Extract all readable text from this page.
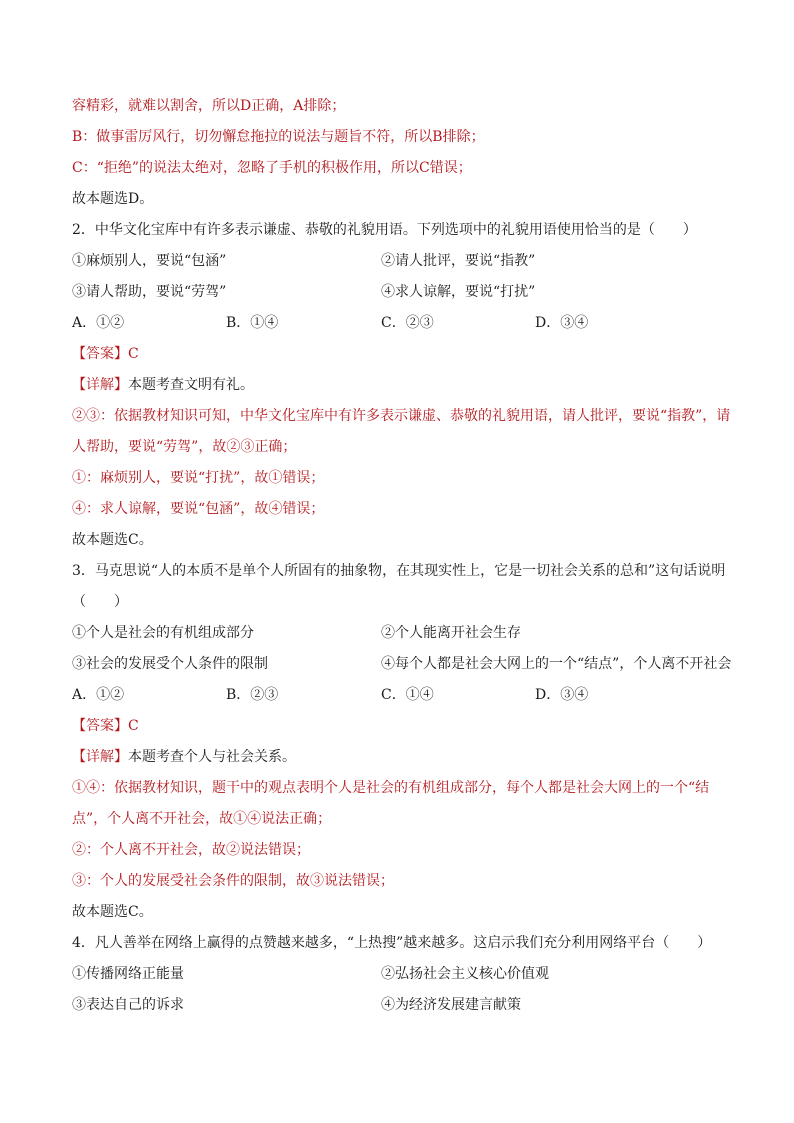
容精彩，就难以割舍，所以D正确，A排除；
B：做事雷厉风行，切勿懈怠拖拉的说法与题旨不符，所以B排除；
C：“拒绝”的说法太绝对，忽略了手机的积极作用，所以C错误；
故本题选D。
2．中华文化宝库中有许多表示谦虚、恭敬的礼貌用语。下列选项中的礼貌用语使用恰当的是（　　）
①麻烦别人，要说“包涵”	②请人批评，要说“指教”
③请人帮助，要说“劳驾”	④求人谅解，要说“打扰”
A．①②	B．①④	C．②③	D．③④
【答案】C
【详解】本题考查文明有礼。
②③：依据教材知识可知，中华文化宝库中有许多表示谦虚、恭敬的礼貌用语，请人批评，要说“指教”，请
人帮助，要说“劳驾”，故②③正确；
①：麻烦别人，要说“打扰”，故①错误；
④：求人谅解，要说“包涵”，故④错误；
故本题选C。
3．马克思说“人的本质不是单个人所固有的抽象物，在其现实性上，它是一切社会关系的总和”这句话说明
（　　）
①个人是社会的有机组成部分	②个人能离开社会生存
③社会的发展受个人条件的限制	④每个人都是社会大网上的一个“结点”，个人离不开社会
A．①②	B．②③	C．①④	D．③④
【答案】C
【详解】本题考查个人与社会关系。
①④：依据教材知识，题干中的观点表明个人是社会的有机组成部分，每个人都是社会大网上的一个“结
点”，个人离不开社会，故①④说法正确；
②：个人离不开社会，故②说法错误；
③：个人的发展受社会条件的限制，故③说法错误；
故本题选C。
4．凡人善举在网络上赢得的点赞越来越多，“上热搜”越来越多。这启示我们充分利用网络平台（　　）
①传播网络正能量	②弘扬社会主义核心价值观
③表达自己的诉求	④为经济发展建言献策
